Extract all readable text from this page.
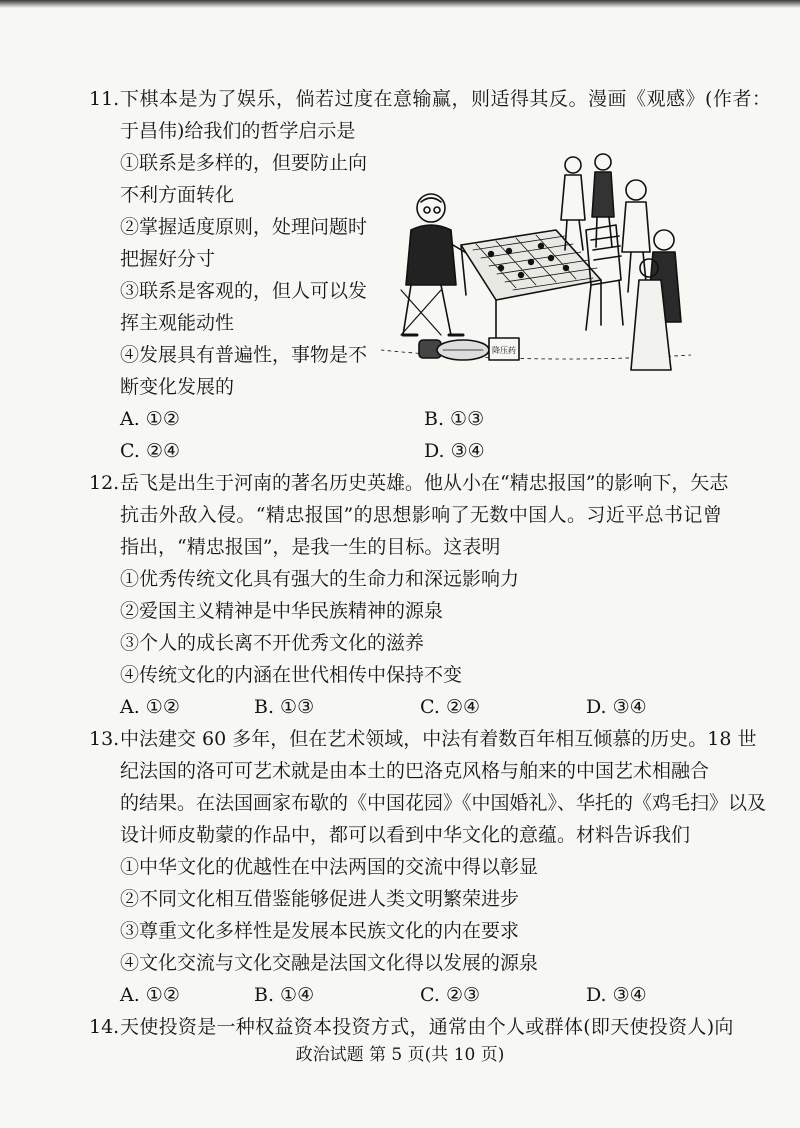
11. 下棋本是为了娱乐，倘若过度在意输赢，则适得其反。漫画《观感》(作者：
于昌伟)给我们的哲学启示是
①联系是多样的，但要防止向
不利方面转化
②掌握适度原则，处理问题时
把握好分寸
③联系是客观的，但人可以发
挥主观能动性
④发展具有普遍性，事物是不
断变化发展的
A. ①②	B. ①③
C. ②④	D. ③④
降压药
12. 岳飞是出生于河南的著名历史英雄。他从小在“精忠报国”的影响下，矢志
抗击外敌入侵。“精忠报国”的思想影响了无数中国人。习近平总书记曾
指出，“精忠报国”，是我一生的目标。这表明
①优秀传统文化具有强大的生命力和深远影响力
②爱国主义精神是中华民族精神的源泉
③个人的成长离不开优秀文化的滋养
④传统文化的内涵在世代相传中保持不变
A. ①②	B. ①③	C. ②④	D. ③④
13. 中法建交 60 多年，但在艺术领域，中法有着数百年相互倾慕的历史。18 世
纪法国的洛可可艺术就是由本土的巴洛克风格与舶来的中国艺术相融合
的结果。在法国画家布歇的《中国花园》《中国婚礼》、华托的《鸡毛扫》以及
设计师皮勒蒙的作品中，都可以看到中华文化的意蕴。材料告诉我们
①中华文化的优越性在中法两国的交流中得以彰显
②不同文化相互借鉴能够促进人类文明繁荣进步
③尊重文化多样性是发展本民族文化的内在要求
④文化交流与文化交融是法国文化得以发展的源泉
A. ①②	B. ①④	C. ②③	D. ③④
14. 天使投资是一种权益资本投资方式，通常由个人或群体(即天使投资人)向
政治试题 第 5 页(共 10 页)
